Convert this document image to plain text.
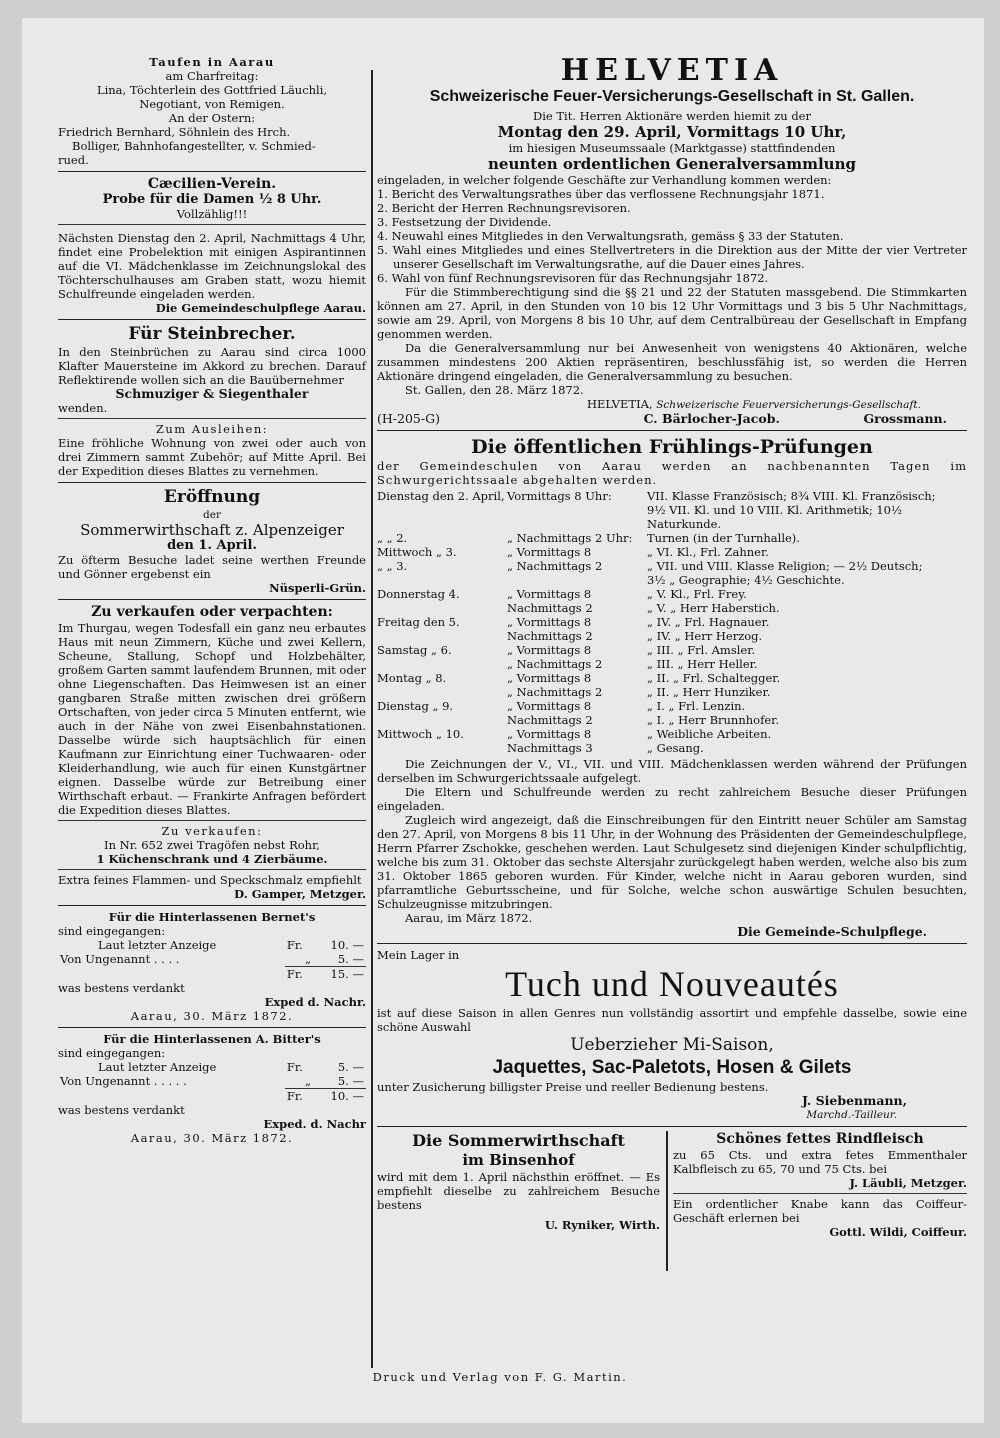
Taufen in Aarau

am Charfreitag:

Lina, Töchterlein des Gottfried Läuchli,

Negotiant, von Remigen.

An der Ostern:

Friedrich Bernhard, Söhnlein des Hrch.

Bolliger, Bahnhofangestellter, v. Schmied-

rued.

Cæcilien-Verein.

Probe für die Damen ½ 8 Uhr.

Vollzählig!!!

Nächsten Dienstag den 2. April, Nachmittags 4 Uhr, findet eine Probelektion mit einigen Aspirantinnen auf die VI. Mädchenklasse im Zeichnungslokal des Töchterschulhauses am Graben statt, wozu hiemit Schulfreunde eingeladen werden.

Die Gemeindeschulpflege Aarau.

Für Steinbrecher.

In den Steinbrüchen zu Aarau sind circa 1000 Klafter Mauersteine im Akkord zu brechen. Darauf Reflektirende wollen sich an die Bauübernehmer

Schmuziger & Siegenthaler

wenden.

Zum Ausleihen:

Eine fröhliche Wohnung von zwei oder auch von drei Zimmern sammt Zubehör; auf Mitte April. Bei der Expedition dieses Blattes zu vernehmen.

Eröffnung

der

Sommerwirthschaft z. Alpenzeiger

den 1. April.

Zu öfterm Besuche ladet seine werthen Freunde und Gönner ergebenst ein

Nüsperli-Grün.

Zu verkaufen oder verpachten:

Im Thurgau, wegen Todesfall ein ganz neu erbautes Haus mit neun Zimmern, Küche und zwei Kellern, Scheune, Stallung, Schopf und Holzbehälter, großem Garten sammt laufendem Brunnen, mit oder ohne Liegenschaften. Das Heimwesen ist an einer gangbaren Straße mitten zwischen drei größern Ortschaften, von jeder circa 5 Minuten entfernt, wie auch in der Nähe von zwei Eisenbahnstationen. Dasselbe würde sich hauptsächlich für einen Kaufmann zur Einrichtung einer Tuchwaaren- oder Kleiderhandlung, wie auch für einen Kunstgärtner eignen. Dasselbe würde zur Betreibung einer Wirthschaft erbaut. — Frankirte Anfragen befördert die Expedition dieses Blattes.

Zu verkaufen:

In Nr. 652 zwei Tragöfen nebst Rohr,

1 Küchenschrank und 4 Zierbäume.

Extra feines Flammen- und Speckschmalz empfiehlt

D. Gamper, Metzger.

Für die Hinterlassenen Bernet's

sind eingegangen:

Laut letzter Anzeige	Fr.	10. —
Von Ungenannt . . . .	„	5. —
	Fr.	15. —

was bestens verdankt

Exped d. Nachr.

Aarau, 30. März 1872.

Für die Hinterlassenen A. Bitter's

sind eingegangen:

Laut letzter Anzeige	Fr.	5. —
Von Ungenannt . . . . .	„	5. —
	Fr.	10. —

was bestens verdankt

Exped. d. Nachr

Aarau, 30. März 1872.

HELVETIA

Schweizerische Feuer-Versicherungs-Gesellschaft in St. Gallen.

Die Tit. Herren Aktionäre werden hiemit zu der

Montag den 29. April, Vormittags 10 Uhr,

im hiesigen Museumssaale (Marktgasse) stattfindenden

neunten ordentlichen Generalversammlung

eingeladen, in welcher folgende Geschäfte zur Verhandlung kommen werden:

1. Bericht des Verwaltungsrathes über das verflossene Rechnungsjahr 1871.

2. Bericht der Herren Rechnungsrevisoren.

3. Festsetzung der Dividende.

4. Neuwahl eines Mitgliedes in den Verwaltungsrath, gemäss § 33 der Statuten.

5. Wahl eines Mitgliedes und eines Stellvertreters in die Direktion aus der Mitte der vier Vertreter unserer Gesellschaft im Verwaltungsrathe, auf die Dauer eines Jahres.

6. Wahl von fünf Rechnungsrevisoren für das Rechnungsjahr 1872.

Für die Stimmberechtigung sind die §§ 21 und 22 der Statuten massgebend. Die Stimmkarten können am 27. April, in den Stunden von 10 bis 12 Uhr Vormittags und 3 bis 5 Uhr Nachmittags, sowie am 29. April, von Morgens 8 bis 10 Uhr, auf dem Centralbüreau der Gesellschaft in Empfang genommen werden.

Da die Generalversammlung nur bei Anwesenheit von wenigstens 40 Aktionären, welche zusammen mindestens 200 Aktien repräsentiren, beschlussfähig ist, so werden die Herren Aktionäre dringend eingeladen, die Generalversammlung zu besuchen.

St. Gallen, den 28. März 1872.

HELVETIA, Schweizerische Feuerversicherungs-Gesellschaft.

(H-205-G)	C. Bärlocher-Jacob.	Grossmann.

Die öffentlichen Frühlings-Prüfungen

der Gemeindeschulen von Aarau werden an nachbenannten Tagen im Schwurgerichtssaale abgehalten werden.

Dienstag den 2. April,	Vormittags 8 Uhr:	VII. Klasse Französisch; 8¾ VIII. Kl. Französisch;
		9½ VII. Kl. und 10 VIII. Kl. Arithmetik; 10½ Naturkunde.
„ „ 2.	„ Nachmittags 2 Uhr:	Turnen (in der Turnhalle).
Mittwoch „ 3.	„ Vormittags 8	„ VI. Kl., Frl. Zahner.
„ „ 3.	„ Nachmittags 2	„ VII. und VIII. Klasse Religion; — 2½ Deutsch;
		3½ „ Geographie; 4½ Geschichte.
Donnerstag 4.	„ Vormittags 8	„ V. Kl., Frl. Frey.
	Nachmittags 2	„ V. „ Herr Haberstich.
Freitag den 5.	„ Vormittags 8	„ IV. „ Frl. Hagnauer.
	Nachmittags 2	„ IV. „ Herr Herzog.
Samstag „ 6.	„ Vormittags 8	„ III. „ Frl. Amsler.
	„ Nachmittags 2	„ III. „ Herr Heller.
Montag „ 8.	„ Vormittags 8	„ II. „ Frl. Schaltegger.
	„ Nachmittags 2	„ II. „ Herr Hunziker.
Dienstag „ 9.	„ Vormittags 8	„ I. „ Frl. Lenzin.
	Nachmittags 2	„ I. „ Herr Brunnhofer.
Mittwoch „ 10.	„ Vormittags 8	„ Weibliche Arbeiten.
	Nachmittags 3	„ Gesang.

Die Zeichnungen der V., VI., VII. und VIII. Mädchenklassen werden während der Prüfungen derselben im Schwurgerichtssaale aufgelegt.

Die Eltern und Schulfreunde werden zu recht zahlreichem Besuche dieser Prüfungen eingeladen.

Zugleich wird angezeigt, daß die Einschreibungen für den Eintritt neuer Schüler am Samstag den 27. April, von Morgens 8 bis 11 Uhr, in der Wohnung des Präsidenten der Gemeindeschulpflege, Herrn Pfarrer Zschokke, geschehen werden. Laut Schulgesetz sind diejenigen Kinder schulpflichtig, welche bis zum 31. Oktober das sechste Altersjahr zurückgelegt haben werden, welche also bis zum 31. Oktober 1865 geboren wurden. Für Kinder, welche nicht in Aarau geboren wurden, sind pfarramtliche Geburtsscheine, und für Solche, welche schon auswärtige Schulen besuchten, Schulzeugnisse mitzubringen.

Aarau, im März 1872.

Die Gemeinde-Schulpflege.

Mein Lager in

Tuch und Nouveautés

ist auf diese Saison in allen Genres nun vollständig assortirt und empfehle dasselbe, sowie eine schöne Auswahl

Ueberzieher Mi-Saison,

Jaquettes, Sac-Paletots, Hosen & Gilets

unter Zusicherung billigster Preise und reeller Bedienung bestens.

J. Siebenmann,

Marchd.-Tailleur.

Die Sommerwirthschaft

im Binsenhof

wird mit dem 1. April nächsthin eröffnet. — Es empfiehlt dieselbe zu zahlreichem Besuche bestens

U. Ryniker, Wirth.

Schönes fettes Rindfleisch

zu 65 Cts. und extra fetes Emmenthaler Kalbfleisch zu 65, 70 und 75 Cts. bei

J. Läubli, Metzger.

Ein ordentlicher Knabe kann das Coiffeur-Geschäft erlernen bei

Gottl. Wildi, Coiffeur.

Druck und Verlag von F. G. Martin.
